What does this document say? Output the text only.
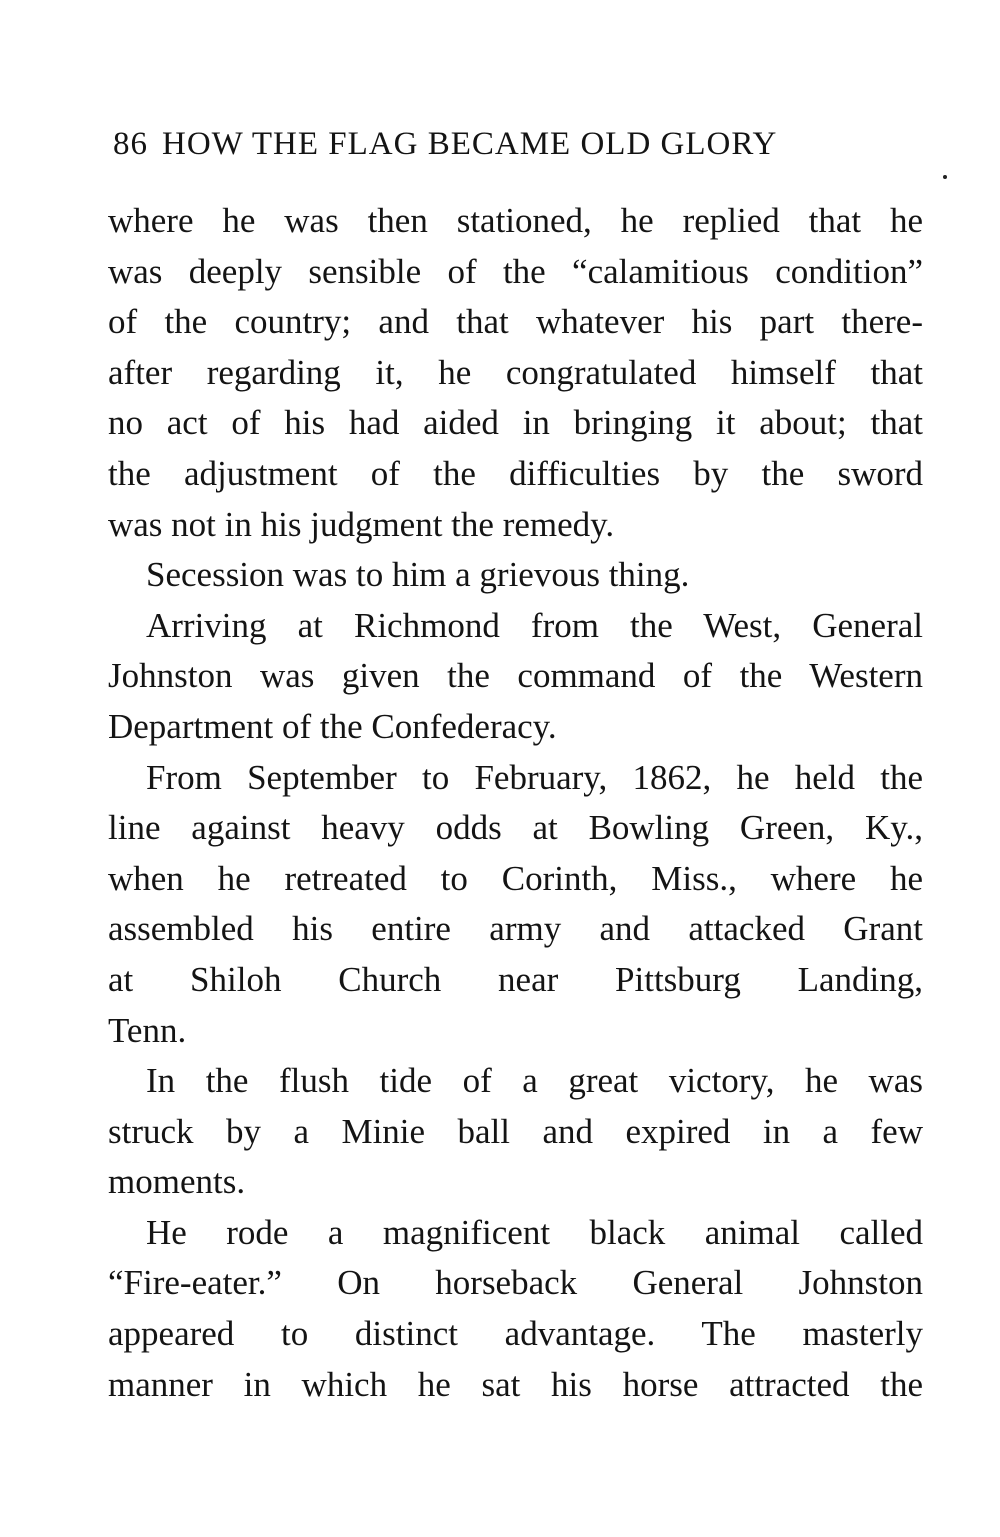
86 HOW THE FLAG BECAME OLD GLORY
where he was then stationed, he replied that he
was deeply sensible of the “calamitious condition”
of the country; and that whatever his part there-
after regarding it, he congratulated himself that
no act of his had aided in bringing it about; that
the adjustment of the difficulties by the sword
was not in his judgment the remedy.
Secession was to him a grievous thing.
Arriving at Richmond from the West, General
Johnston was given the command of the Western
Department of the Confederacy.
From September to February, 1862, he held the
line against heavy odds at Bowling Green, Ky.,
when he retreated to Corinth, Miss., where he
assembled his entire army and attacked Grant
at Shiloh Church near Pittsburg Landing,
Tenn.
In the flush tide of a great victory, he was
struck by a Minie ball and expired in a few
moments.
He rode a magnificent black animal called
“Fire-eater.” On horseback General Johnston
appeared to distinct advantage. The masterly
manner in which he sat his horse attracted the
